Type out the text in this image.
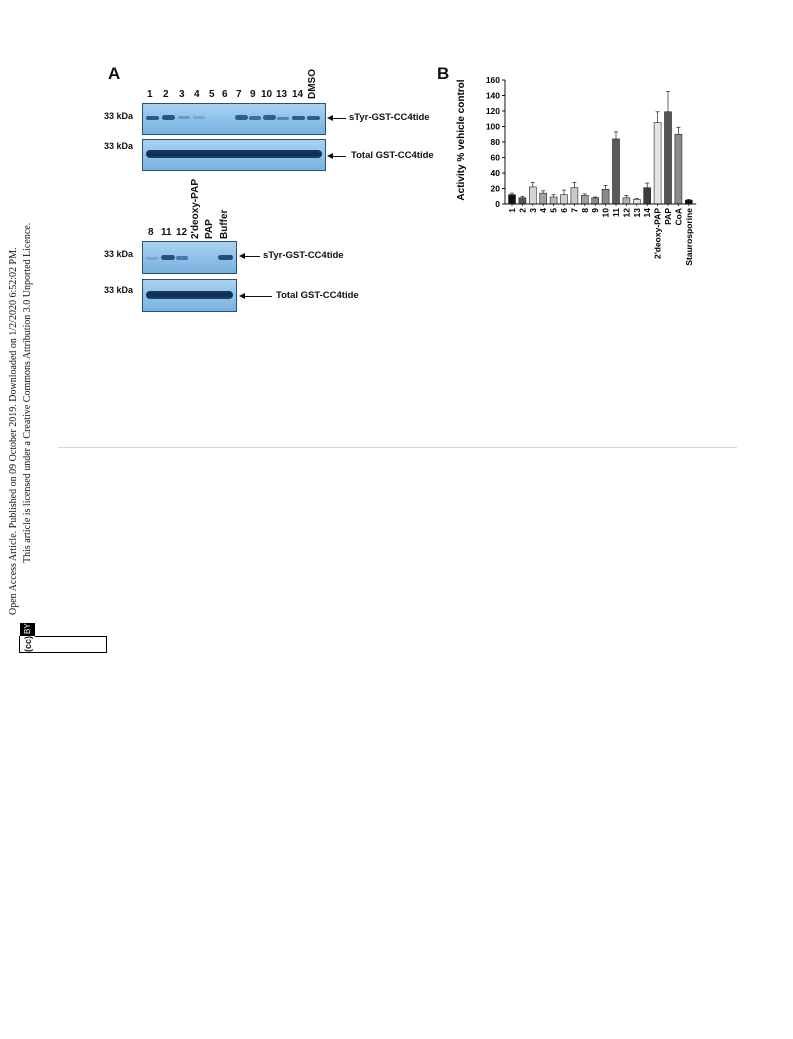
A	B
1 2 3 4 5 6 7 9 10 13 14 DMSO
33 kDa	sTyr-GST-CC4tide
33 kDa
Total GST-CC4tide
8 11 12 2'deoxy-PAP PAP Buffer
33 kDa	sTyr-GST-CC4tide
33 kDa	Total GST-CC4tide
Activity % vehicle control
0
20
40
60
80
100
120
140
160
1 2 3 4 5 6 7 8 9 10 11 12 13 14 2'deoxy-PAP PAP CoA Staurosporine
Open Access Article. Published on 09 October 2019. Downloaded on 1/2/2020 6:52:02 PM. This article is licensed under a Creative Commons Attribution 3.0 Unported Licence.
(cc)
BY
